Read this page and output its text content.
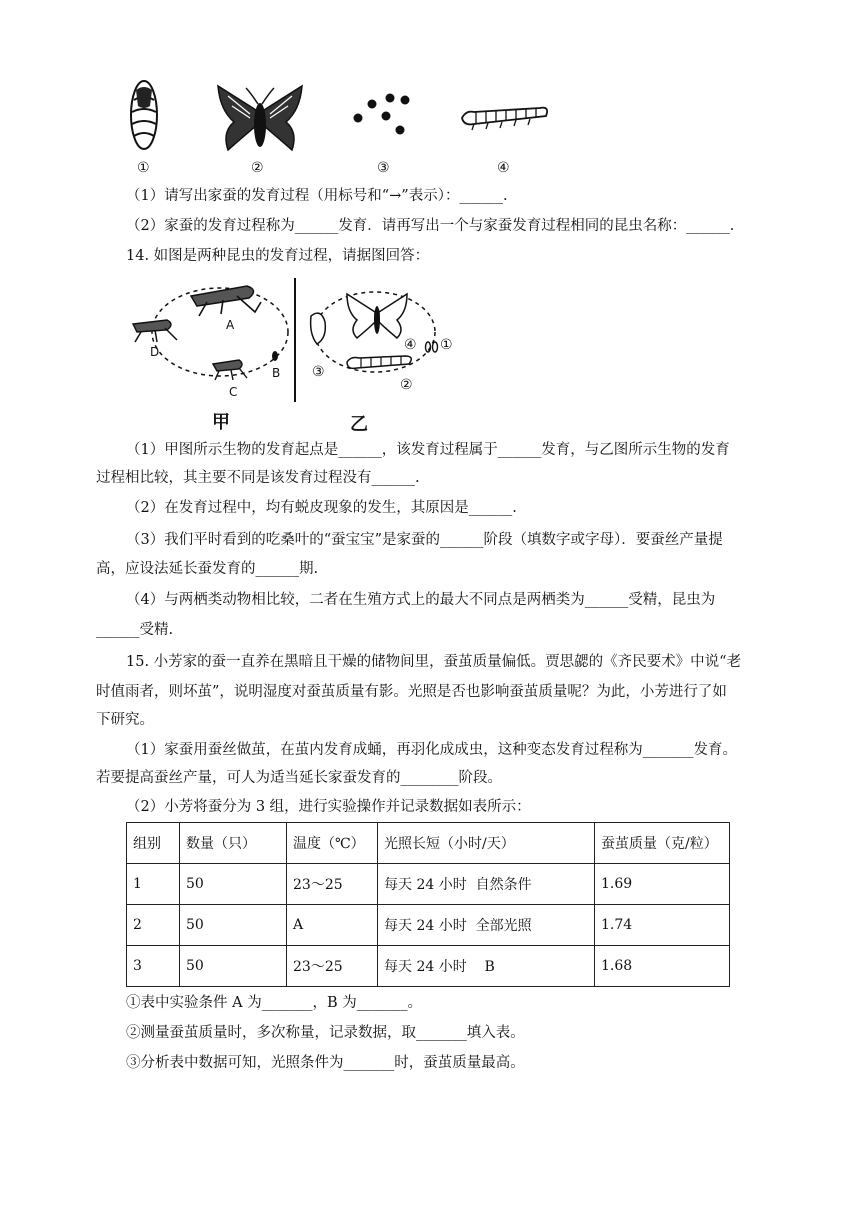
①	②	③	④
（1）请写出家蚕的发育过程（用标号和“→”表示）：______.
（2）家蚕的发育过程称为______发育．请再写出一个与家蚕发育过程相同的昆虫名称：______.
14. 如图是两种昆虫的发育过程，请据图回答：
A
B
C
D	①
②
③
④
甲	乙
（1）甲图所示生物的发育起点是______，该发育过程属于______发育，与乙图所示生物的发育
过程相比较，其主要不同是该发育过程没有______.
（2）在发育过程中，均有蜕皮现象的发生，其原因是______.
（3）我们平时看到的吃桑叶的“蚕宝宝”是家蚕的______阶段（填数字或字母）．要蚕丝产量提
高，应设法延长蚕发育的______期.
（4）与两栖类动物相比较，二者在生殖方式上的最大不同点是两栖类为______受精，昆虫为
______受精.
15. 小芳家的蚕一直养在黑暗且干燥的储物间里，蚕茧质量偏低。贾思勰的《齐民要术》中说“老
时值雨者，则坏茧”，说明湿度对蚕茧质量有影。光照是否也影响蚕茧质量呢？为此，小芳进行了如
下研究。
（1）家蚕用蚕丝做茧，在茧内发育成蛹，再羽化成成虫，这种变态发育过程称为_______发育。
若要提高蚕丝产量，可人为适当延长家蚕发育的________阶段。
（2）小芳将蚕分为 3 组，进行实验操作并记录数据如表所示：
组别	数量（只）	温度（℃）	光照长短（小时/天）	蚕茧质量（克/粒）
1	50	23～25	每天 24 小时  自然条件	1.69
2	50	A	每天 24 小时  全部光照	1.74
3	50	23～25	每天 24 小时    B	1.68
①表中实验条件 A 为_______，B 为_______。
②测量蚕茧质量时，多次称量，记录数据，取_______填入表。
③分析表中数据可知，光照条件为_______时，蚕茧质量最高。
